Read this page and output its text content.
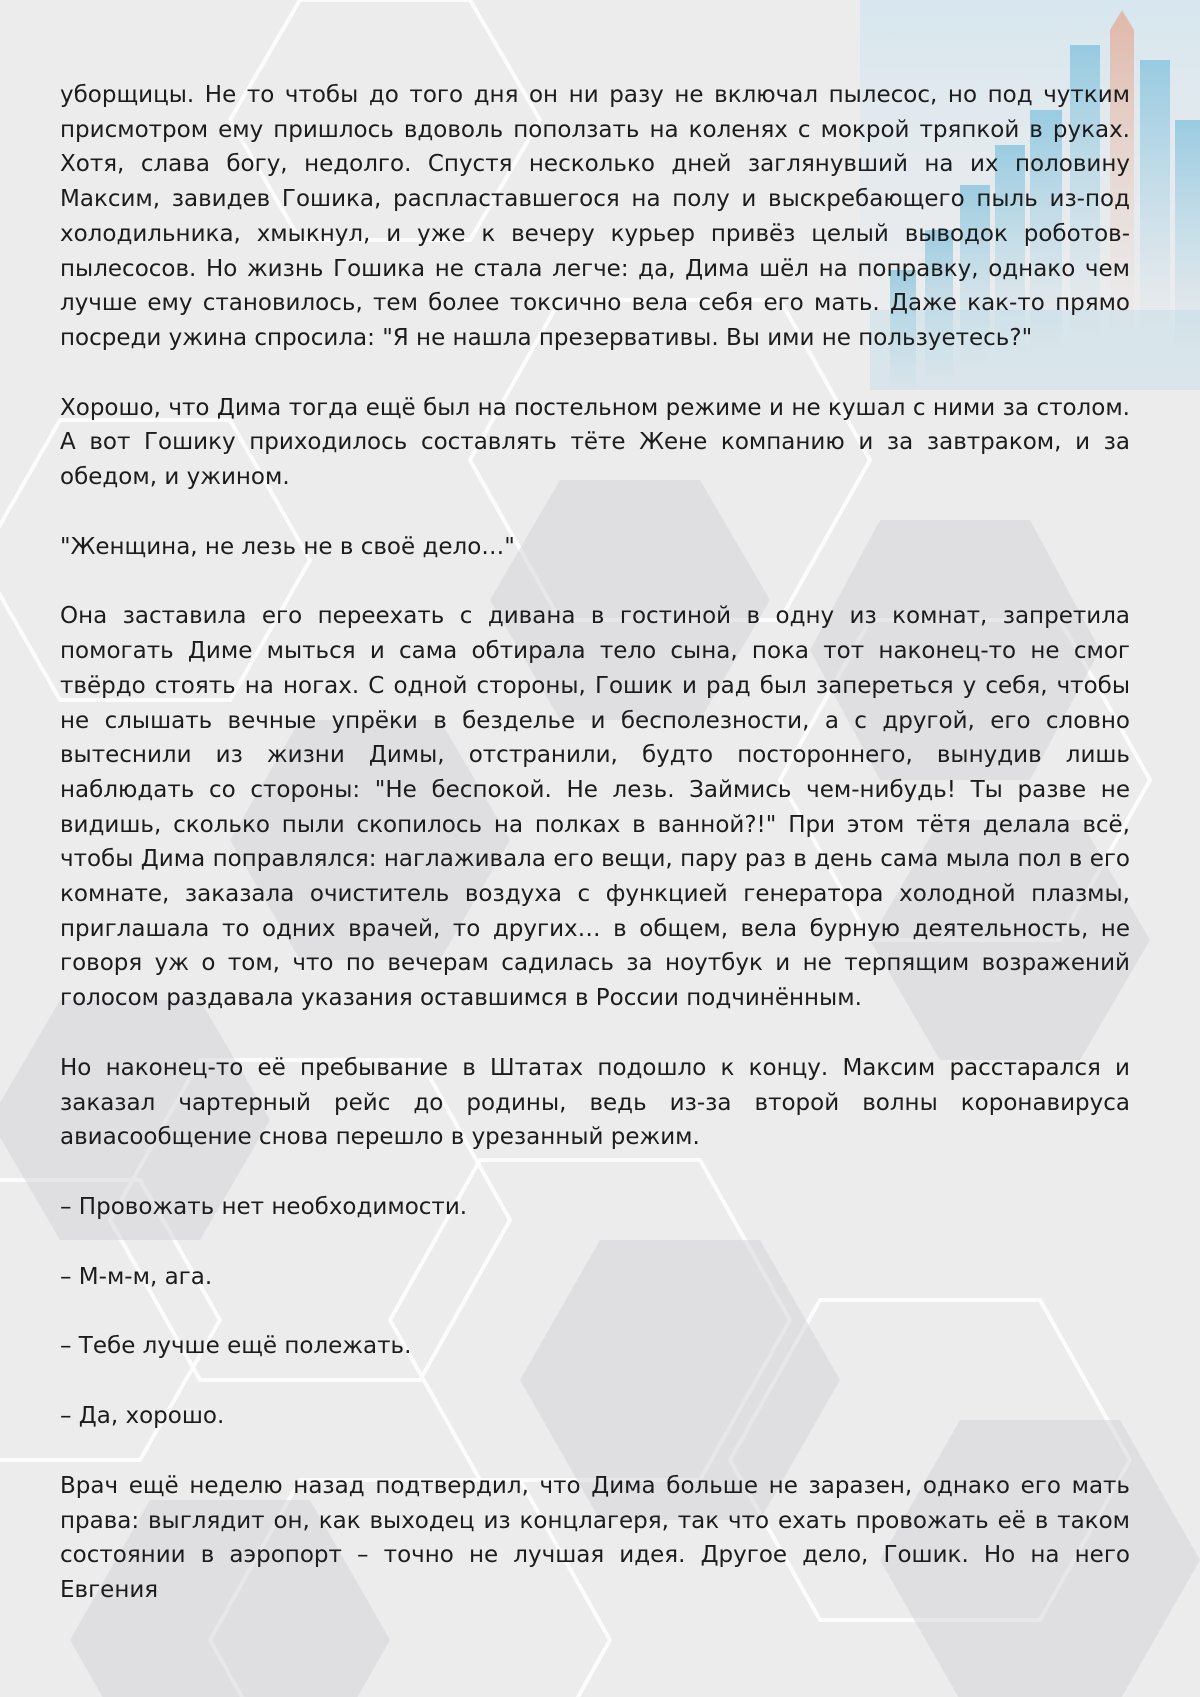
уборщицы. Не то чтобы до того дня он ни разу не включал пылесос, но под чутким присмотром ему пришлось вдоволь поползать на коленях с мокрой тряпкой в руках. Хотя, слава богу, недолго. Спустя несколько дней заглянувший на их половину Максим, завидев Гошика, распластавшегося на полу и выскребающего пыль из-под холодильника, хмыкнул, и уже к вечеру курьер привёз целый выводок роботов-пылесосов. Но жизнь Гошика не стала легче: да, Дима шёл на поправку, однако чем лучше ему становилось, тем более токсично вела себя его мать. Даже как-то прямо посреди ужина спросила: "Я не нашла презервативы. Вы ими не пользуетесь?"

Хорошо, что Дима тогда ещё был на постельном режиме и не кушал с ними за столом. А вот Гошику приходилось составлять тёте Жене компанию и за завтраком, и за обедом, и ужином.

"Женщина, не лезь не в своё дело…"

Она заставила его переехать с дивана в гостиной в одну из комнат, запретила помогать Диме мыться и сама обтирала тело сына, пока тот наконец-то не смог твёрдо стоять на ногах. С одной стороны, Гошик и рад был запереться у себя, чтобы не слышать вечные упрёки в безделье и бесполезности, а с другой, его словно вытеснили из жизни Димы, отстранили, будто постороннего, вынудив лишь наблюдать со стороны: "Не беспокой. Не лезь. Займись чем-нибудь! Ты разве не видишь, сколько пыли скопилось на полках в ванной?!" При этом тётя делала всё, чтобы Дима поправлялся: наглаживала его вещи, пару раз в день сама мыла пол в его комнате, заказала очиститель воздуха с функцией генератора холодной плазмы, приглашала то одних врачей, то других… в общем, вела бурную деятельность, не говоря уж о том, что по вечерам садилась за ноутбук и не терпящим возражений голосом раздавала указания оставшимся в России подчинённым.

Но наконец-то её пребывание в Штатах подошло к концу. Максим расстарался и заказал чартерный рейс до родины, ведь из-за второй волны коронавируса авиасообщение снова перешло в урезанный режим.

– Провожать нет необходимости.

– М-м-м, ага.

– Тебе лучше ещё полежать.

– Да, хорошо.

Врач ещё неделю назад подтвердил, что Дима больше не заразен, однако его мать права: выглядит он, как выходец из концлагеря, так что ехать провожать её в таком состоянии в аэропорт – точно не лучшая идея. Другое дело, Гошик. Но на него Евгения
